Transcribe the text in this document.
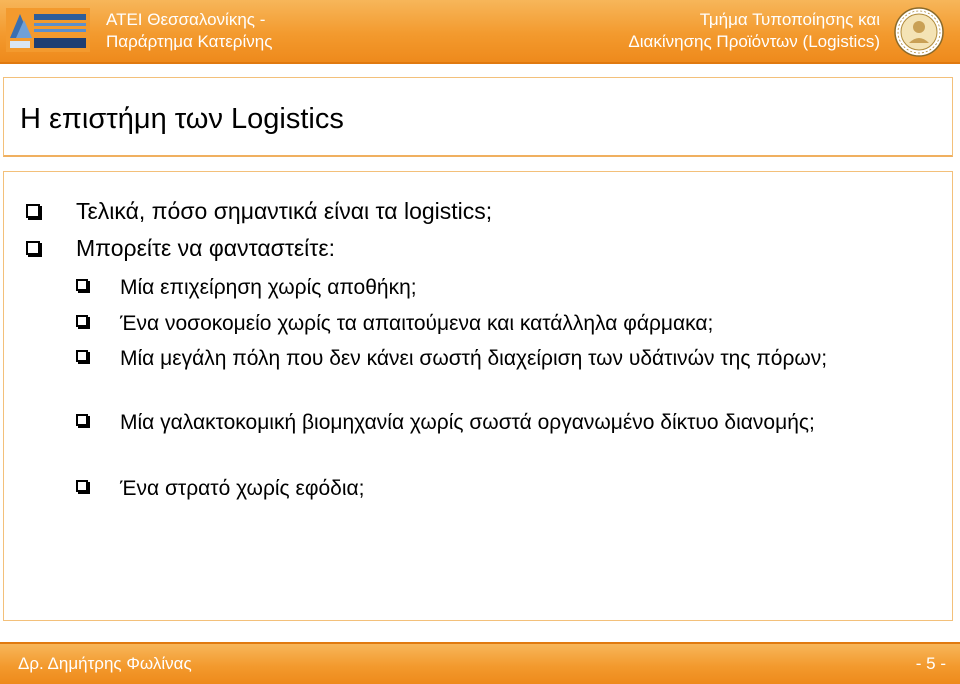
ΑΤΕΙ Θεσσαλονίκης -
Παράρτημα Κατερίνης
Τμήμα Τυποποίησης και
Διακίνησης Προϊόντων (Logistics)
Η επιστήμη των Logistics
Τελικά, πόσο σημαντικά είναι τα logistics;
Μπορείτε να φανταστείτε:
Μία επιχείρηση χωρίς αποθήκη;
Ένα νοσοκομείο χωρίς τα απαιτούμενα και κατάλληλα φάρμακα;
Μία μεγάλη πόλη που δεν κάνει σωστή διαχείριση των υδάτινών της πόρων;
Μία γαλακτοκομική βιομηχανία χωρίς σωστά οργανωμένο δίκτυο διανομής;
Ένα στρατό χωρίς εφόδια;
Δρ. Δημήτρης Φωλίνας	- 5 -
